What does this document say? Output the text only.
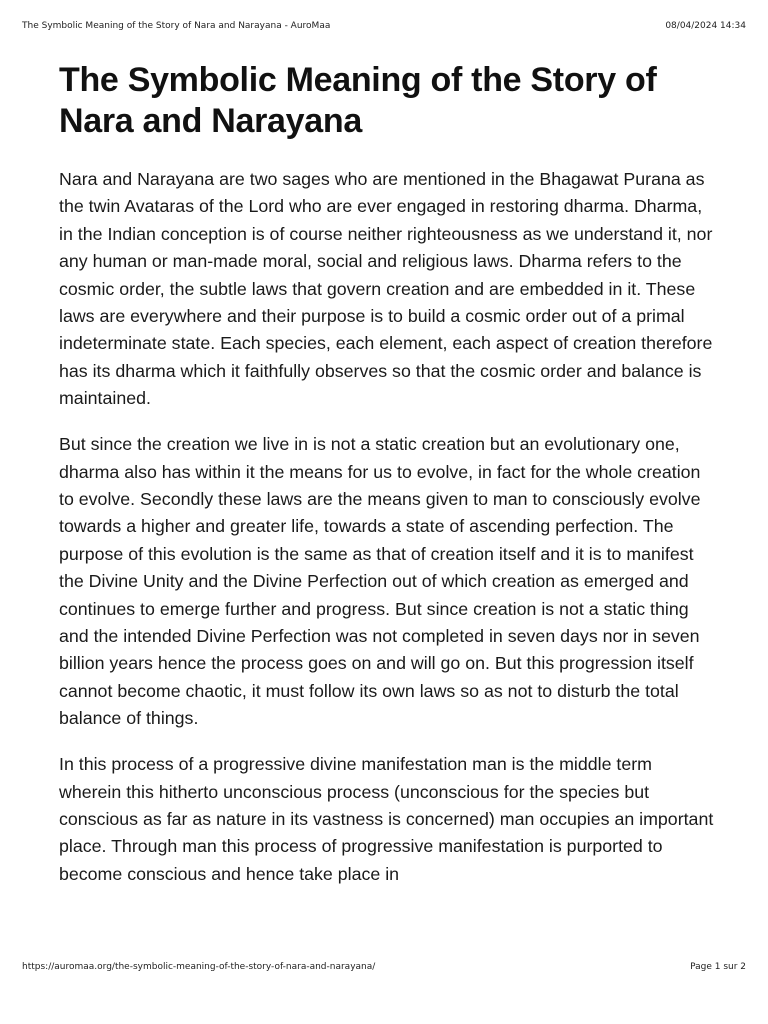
The Symbolic Meaning of the Story of Nara and Narayana - AuroMaa	08/04/2024 14:34
The Symbolic Meaning of the Story of Nara and Narayana

Nara and Narayana are two sages who are mentioned in the Bhagawat Purana as the twin Avataras of the Lord who are ever engaged in restoring dharma. Dharma, in the Indian conception is of course neither righteousness as we understand it, nor any human or man-made moral, social and religious laws. Dharma refers to the cosmic order, the subtle laws that govern creation and are embedded in it. These laws are everywhere and their purpose is to build a cosmic order out of a primal indeterminate state. Each species, each element, each aspect of creation therefore has its dharma which it faithfully observes so that the cosmic order and balance is maintained.

But since the creation we live in is not a static creation but an evolutionary one, dharma also has within it the means for us to evolve, in fact for the whole creation to evolve. Secondly these laws are the means given to man to consciously evolve towards a higher and greater life, towards a state of ascending perfection. The purpose of this evolution is the same as that of creation itself and it is to manifest the Divine Unity and the Divine Perfection out of which creation as emerged and continues to emerge further and progress. But since creation is not a static thing and the intended Divine Perfection was not completed in seven days nor in seven billion years hence the process goes on and will go on. But this progression itself cannot become chaotic, it must follow its own laws so as not to disturb the total balance of things.

In this process of a progressive divine manifestation man is the middle term wherein this hitherto unconscious process (unconscious for the species but conscious as far as nature in its vastness is concerned) man occupies an important place. Through man this process of progressive manifestation is purported to become conscious and hence take place in

https://auromaa.org/the-symbolic-meaning-of-the-story-of-nara-and-narayana/	Page 1 sur 2
